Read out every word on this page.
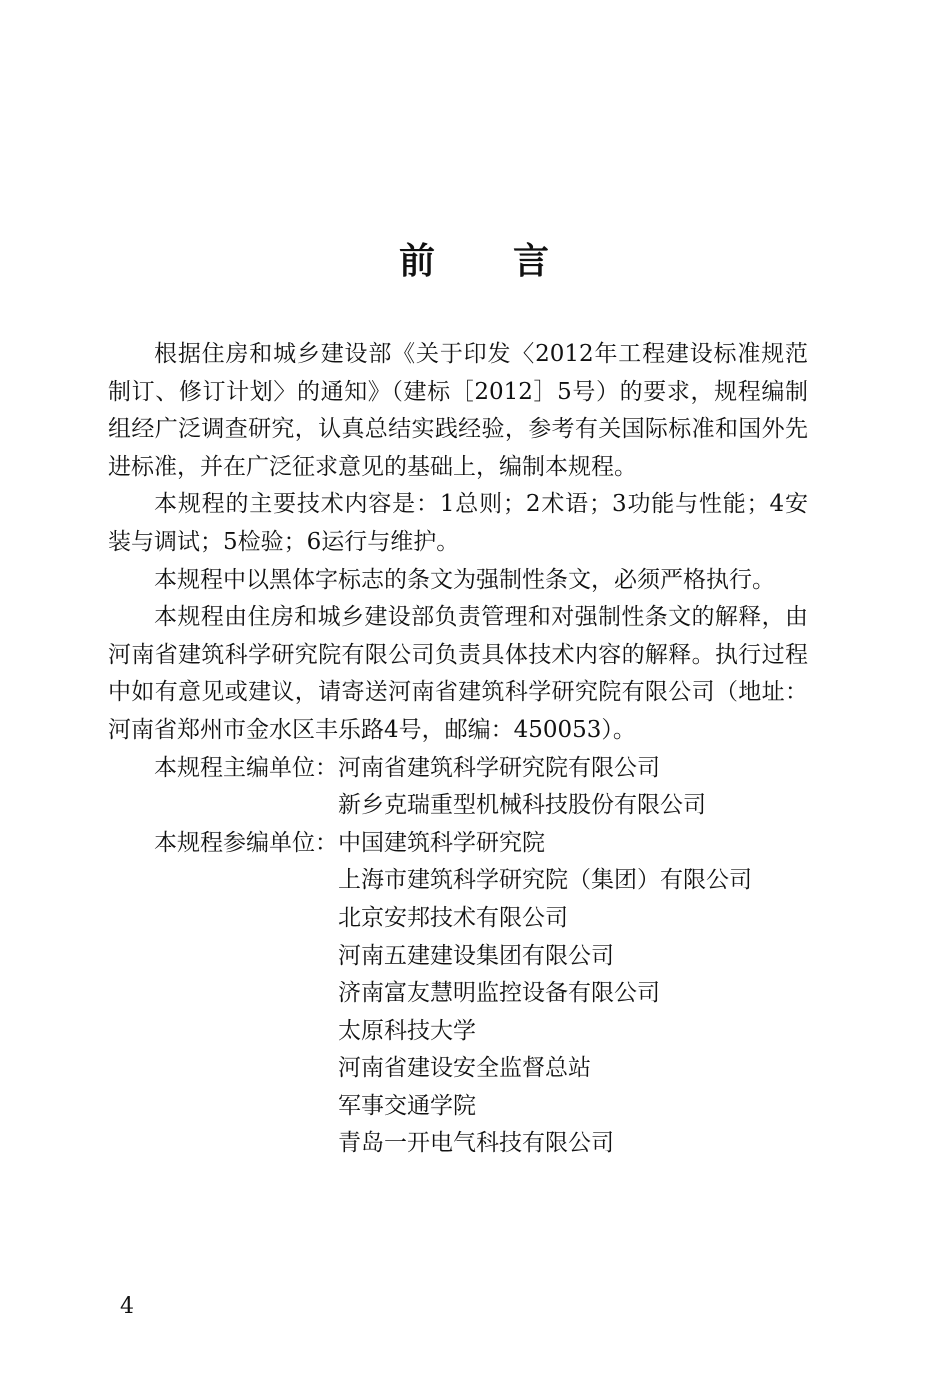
前 言

根据住房和城乡建设部《关于印发〈2012年工程建设标准规范制订、修订计划〉的通知》（建标［2012］5号）的要求，规程编制组经广泛调查研究，认真总结实践经验，参考有关国际标准和国外先进标准，并在广泛征求意见的基础上，编制本规程。

本规程的主要技术内容是：1总则；2术语；3功能与性能；4安装与调试；5检验；6运行与维护。

本规程中以黑体字标志的条文为强制性条文，必须严格执行。

本规程由住房和城乡建设部负责管理和对强制性条文的解释，由河南省建筑科学研究院有限公司负责具体技术内容的解释。执行过程中如有意见或建议，请寄送河南省建筑科学研究院有限公司（地址：河南省郑州市金水区丰乐路4号，邮编：450053）。

本规程主编单位： 河南省建筑科学研究院有限公司
新乡克瑞重型机械科技股份有限公司
本规程参编单位： 中国建筑科学研究院
上海市建筑科学研究院（集团）有限公司
北京安邦技术有限公司
河南五建建设集团有限公司
济南富友慧明监控设备有限公司
太原科技大学
河南省建设安全监督总站
军事交通学院
青岛一开电气科技有限公司
4
